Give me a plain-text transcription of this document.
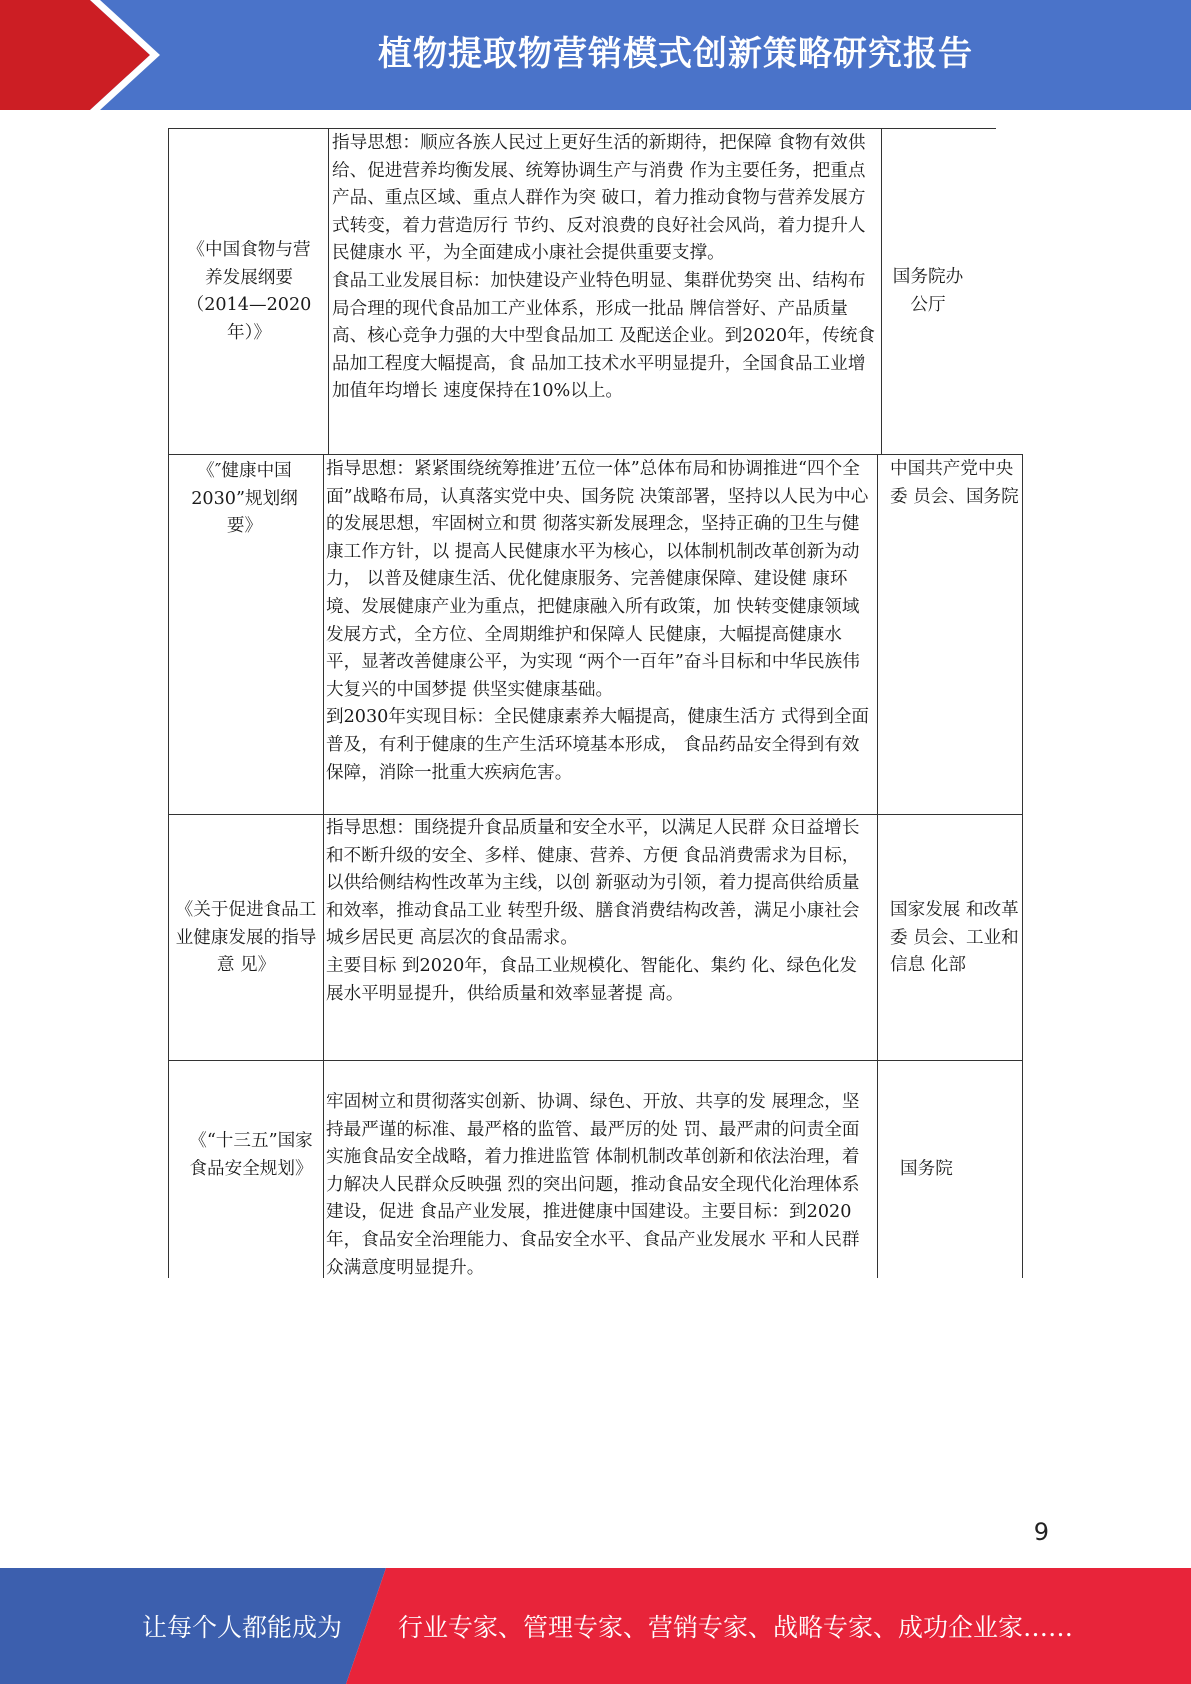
植物提取物营销模式创新策略研究报告
《中国食物与营养发展纲要（2014—2020年）》

指导思想：顺应各族人民过上更好生活的新期待，把保障 食物有效供给、促进营养均衡发展、统筹协调生产与消费 作为主要任务，把重点产品、重点区域、重点人群作为突 破口，着力推动食物与营养发展方式转变，着力营造厉行 节约、反对浪费的良好社会风尚，着力提升人民健康水 平，为全面建成小康社会提供重要支撑。

食品工业发展目标：加快建设产业特色明显、集群优势突 出、结构布局合理的现代食品加工产业体系，形成一批品 牌信誉好、产品质量高、核心竞争力强的大中型食品加工 及配送企业。到2020年，传统食品加工程度大幅提高，食 品加工技术水平明显提升，全国食品工业增加值年均增长 速度保持在10%以上。

国务院办 公厅
《″健康中国2030”规划纲要》

指导思想：紧紧围绕统筹推进’五位一体”总体布局和协调推进“四个全面”战略布局，认真落实党中央、国务院 决策部署，坚持以人民为中心的发展思想，牢固树立和贯 彻落实新发展理念，坚持正确的卫生与健康工作方针，以 提高人民健康水平为核心，以体制机制改革创新为动力， 以普及健康生活、优化健康服务、完善健康保障、建设健 康环境、发展健康产业为重点，把健康融入所有政策，加 快转变健康领域发展方式，全方位、全周期维护和保障人 民健康，大幅提高健康水平，显著改善健康公平，为实现 “两个一百年”奋斗目标和中华民族伟大复兴的中国梦提 供坚实健康基础。

到2030年实现目标：全民健康素养大幅提高，健康生活方 式得到全面普及，有利于健康的生产生活环境基本形成， 食品药品安全得到有效保障，消除一批重大疾病危害。

中国共产党中央委 员会、国务院
《关于促进食品工业健康发展的指导意 见》

指导思想：围绕提升食品质量和安全水平，以满足人民群 众日益增长和不断升级的安全、多样、健康、营养、方便 食品消费需求为目标，以供给侧结构性改革为主线，以创 新驱动为引领，着力提高供给质量和效率，推动食品工业 转型升级、膳食消费结构改善，满足小康社会城乡居民更 高层次的食品需求。

主要目标 到2020年，食品工业规模化、智能化、集约 化、绿色化发展水平明显提升，供给质量和效率显著提 高。

国家发展 和改革委 员会、工业和信息 化部
《“十三五”国家食品安全规划》

牢固树立和贯彻落实创新、协调、绿色、开放、共享的发 展理念，坚持最严谨的标准、最严格的监管、最严厉的处 罚、最严肃的问责全面实施食品安全战略，着力推进监管 体制机制改革创新和依法治理，着力解决人民群众反映强 烈的突出问题，推动食品安全现代化治理体系建设，促进 食品产业发展，推进健康中国建设。主要目标：到2020年，食品安全治理能力、食品安全水平、食品产业发展水 平和人民群众满意度明显提升。

国务院
9
让每个人都能成为 行业专家、管理专家、营销专家、战略专家、成功企业家……
